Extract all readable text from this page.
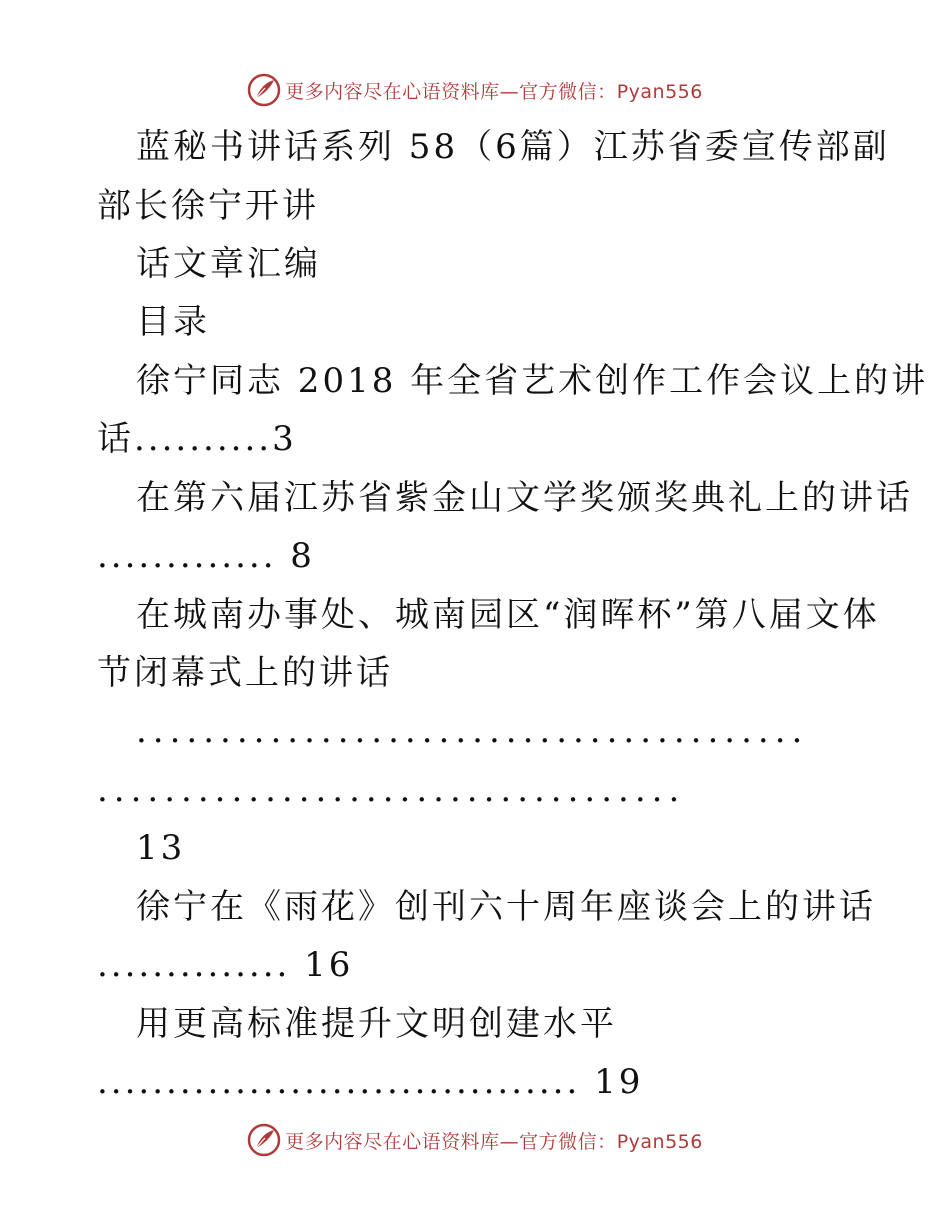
更多内容尽在心语资料库—官方微信：Pyan556
蓝秘书讲话系列 58（6篇）江苏省委宣传部副
部长徐宁开讲
话文章汇编
目录
徐宁同志 2018 年全省艺术创作工作会议上的讲
话..........3
在第六届江苏省紫金山文学奖颁奖典礼上的讲话
............. 8
在城南办事处、城南园区“润晖杯”第八届文体
节闭幕式上的讲话
........................................
...................................
13
徐宁在《雨花》创刊六十周年座谈会上的讲话
.............. 16
用更高标准提升文明创建水平
................................... 19
更多内容尽在心语资料库—官方微信：Pyan556
